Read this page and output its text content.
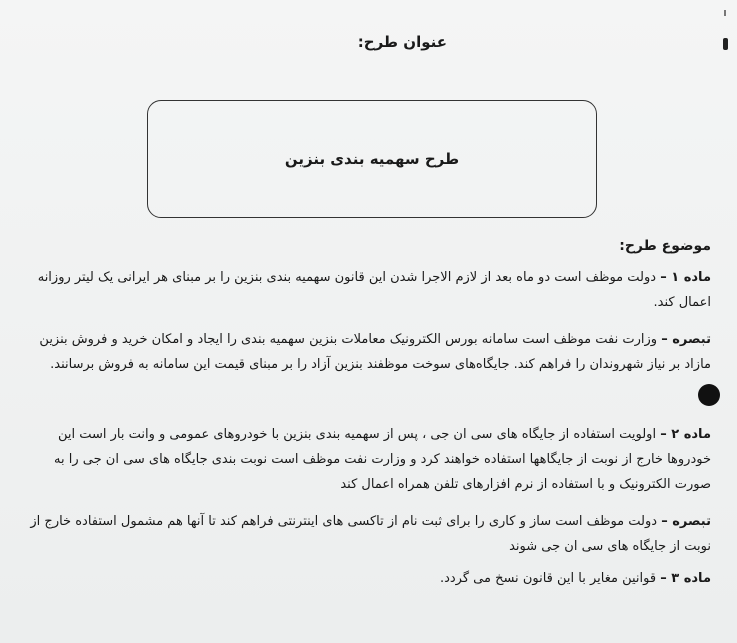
عنوان طرح:
طرح سهمیه بندی بنزین
موضوع طرح:

ماده ۱ – دولت موظف است دو ماه بعد از لازم الاجرا شدن این قانون سهمیه بندی بنزین را بر مبنای هر ایرانی یک لیتر روزانه اعمال کند.

تبصره – وزارت نفت موظف است سامانه بورس الکترونیک معاملات بنزین سهمیه بندی را ایجاد و امکان خرید و فروش بنزین مازاد بر نیاز شهروندان را فراهم کند. جایگاه‌های سوخت موظفند بنزین آزاد را بر مبنای قیمت این سامانه به فروش برسانند.

ماده ۲ – اولویت استفاده از جایگاه های سی ان جی ، پس از سهمیه بندی بنزین با خودروهای عمومی و وانت بار است این خودروها خارج از نوبت از جایگاهها استفاده خواهند کرد و وزارت نفت موظف است نوبت بندی جایگاه های سی ان جی را به صورت الکترونیک و با استفاده از نرم افزارهای تلفن همراه اعمال کند

تبصره – دولت موظف است ساز و کاری را برای ثبت نام از تاکسی های اینترنتی فراهم کند تا آنها هم مشمول استفاده خارج از نوبت از جایگاه های سی ان جی شوند

ماده ۳ – قوانین مغایر با این قانون نسخ می گردد.
